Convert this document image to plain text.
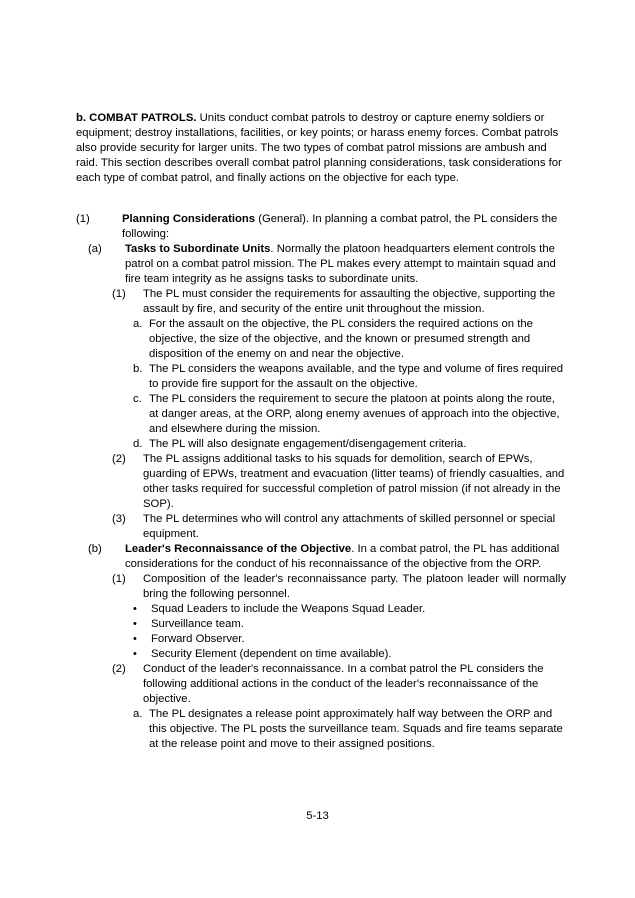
b. COMBAT PATROLS. Units conduct combat patrols to destroy or capture enemy soldiers or equipment; destroy installations, facilities, or key points; or harass enemy forces. Combat patrols also provide security for larger units. The two types of combat patrol missions are ambush and raid. This section describes overall combat patrol planning considerations, task considerations for each type of combat patrol, and finally actions on the objective for each type.

(1)	Planning Considerations (General). In planning a combat patrol, the PL considers the following:
(a)	Tasks to Subordinate Units. Normally the platoon headquarters element controls the patrol on a combat patrol mission. The PL makes every attempt to maintain squad and fire team integrity as he assigns tasks to subordinate units.
(1)	The PL must consider the requirements for assaulting the objective, supporting the assault by fire, and security of the entire unit throughout the mission.
a. For the assault on the objective, the PL considers the required actions on the objective, the size of the objective, and the known or presumed strength and disposition of the enemy on and near the objective.
b. The PL considers the weapons available, and the type and volume of fires required to provide fire support for the assault on the objective.
c. The PL considers the requirement to secure the platoon at points along the route, at danger areas, at the ORP, along enemy avenues of approach into the objective, and elsewhere during the mission.
d. The PL will also designate engagement/disengagement criteria.
(2)	The PL assigns additional tasks to his squads for demolition, search of EPWs, guarding of EPWs, treatment and evacuation (litter teams) of friendly casualties, and other tasks required for successful completion of patrol mission (if not already in the SOP).
(3)	The PL determines who will control any attachments of skilled personnel or special equipment.
(b)	Leader's Reconnaissance of the Objective. In a combat patrol, the PL has additional considerations for the conduct of his reconnaissance of the objective from the ORP.
(1)	Composition of the leader's reconnaissance party. The platoon leader will normally bring the following personnel.
•	Squad Leaders to include the Weapons Squad Leader.
•	Surveillance team.
•	Forward Observer.
•	Security Element (dependent on time available).
(2)	Conduct of the leader's reconnaissance. In a combat patrol the PL considers the following additional actions in the conduct of the leader's reconnaissance of the objective.
a. The PL designates a release point approximately half way between the ORP and this objective. The PL posts the surveillance team. Squads and fire teams separate at the release point and move to their assigned positions.
5-13
